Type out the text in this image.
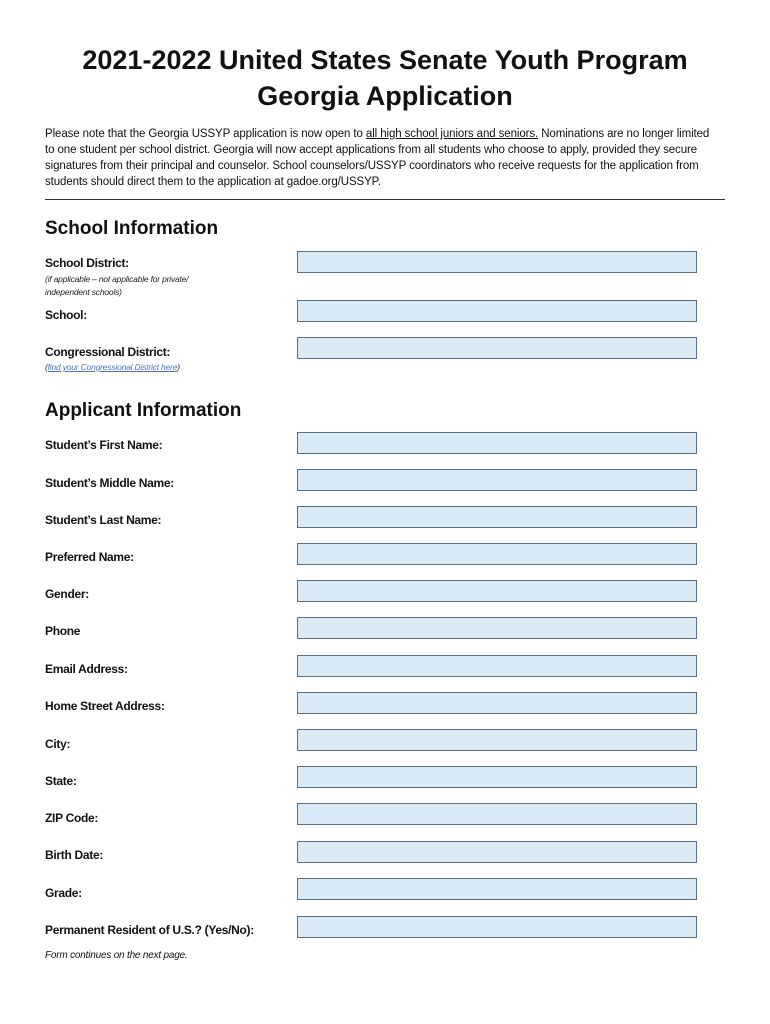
2021-2022 United States Senate Youth Program
Georgia Application

Please note that the Georgia USSYP application is now open to all high school juniors and seniors. Nominations are no longer limited to one student per school district. Georgia will now accept applications from all students who choose to apply, provided they secure signatures from their principal and counselor. School counselors/USSYP coordinators who receive requests for the application from students should direct them to the application at gadoe.org/USSYP.

School Information
School District:
(if applicable – not applicable for private/
independent schools)
School:
Congressional District:
(find your Congressional District here)
Applicant Information
Student’s First Name:
Student’s Middle Name:
Student’s Last Name:
Preferred Name:
Gender:
Phone
Email Address:
Home Street Address:
City:
State:
ZIP Code:
Birth Date:
Grade:
Permanent Resident of U.S.? (Yes/No):
Form continues on the next page.
